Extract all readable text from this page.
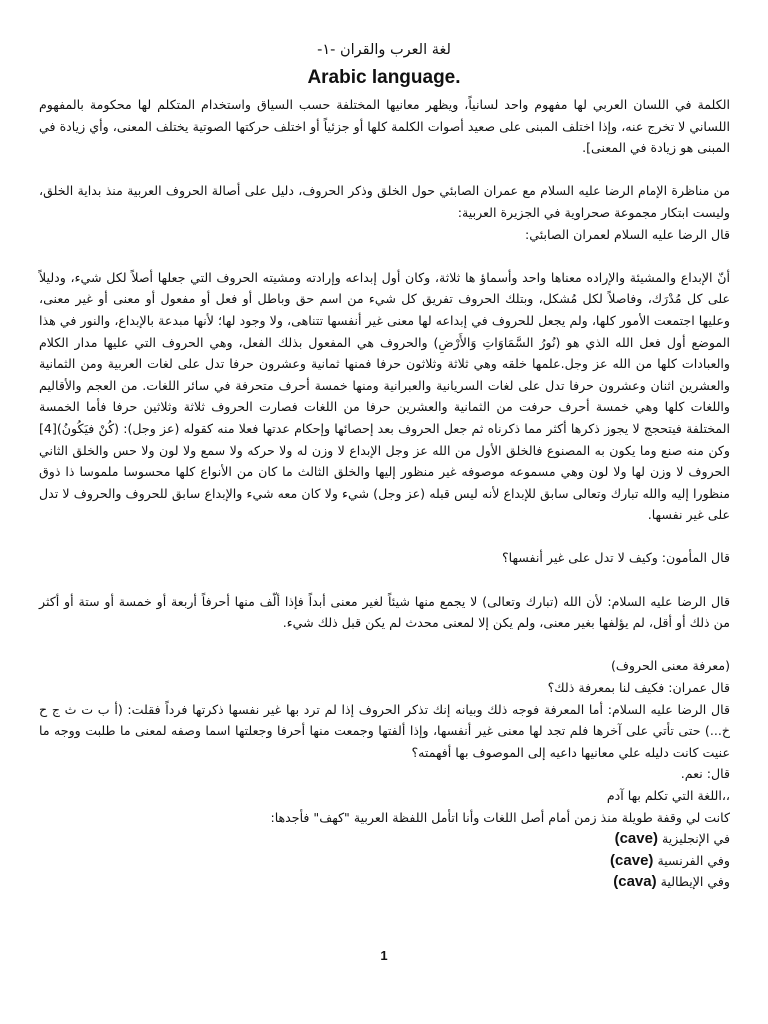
لغة العرب والقران -١-
Arabic language.

الكلمة في اللسان العربي لها مفهوم واحد لسانياً، ويظهر معانيها المختلفة حسب السياق واستخدام المتكلم لها محكومة بالمفهوم اللساني لا تخرج عنه، وإذا اختلف المبنى على صعيد أصوات الكلمة كلها أو جزئياً أو اختلف حركتها الصوتية يختلف المعنى، وأي زيادة في المبنى هو زيادة في المعنى].

من مناظرة الإمام الرضا عليه السلام مع عمران الصابئي حول الخلق وذكر الحروف، دليل على أصالة الحروف العربية منذ بداية الخلق، وليست ابتكار مجموعة صحراوية في الجزيرة العربية:

قال الرضا عليه السلام لعمران الصابئي:

أنّ الإبداع والمشيئة والإراده معناها واحد وأسماؤ ها ثلاثة، وكان أول إبداعه وإرادته ومشيته الحروف التي جعلها أصلاً لكل شيء، ودليلاً على كل مُدْرَك، وفاصلاً لكل مُشكل، وبتلك الحروف تفريق كل شيء من اسم حق وباطل أو فعل أو مفعول أو معنى أو غير معنى، وعليها اجتمعت الأمور كلها، ولم يجعل للحروف في إبداعه لها معنى غير أنفسها تتناهى، ولا وجود لها؛ لأنها مبدعة بالإبداع، والنور في هذا الموضع أول فعل الله الذي هو (نُورُ السَّمَاوَاتِ وَالأَرْضِ) والحروف هي المفعول بذلك الفعل، وهي الحروف التي عليها مدار الكلام والعبادات كلها من الله عز وجل.علمها خلقه وهي ثلاثة وثلاثون حرفا فمنها ثمانية وعشرون حرفا تدل على لغات العربية ومن الثمانية والعشرين اثنان وعشرون حرفا تدل على لغات السريانية والعبرانية ومنها خمسة أحرف متحرفة في سائر اللغات. من العجم والأقاليم واللغات كلها وهي خمسة أحرف حرفت من الثمانية والعشرين حرفا من اللغات فصارت الحروف ثلاثة وثلاثين حرفا فأما الخمسة المختلفة فيتحجج لا يجوز ذكرها أكثر مما ذكرناه ثم جعل الحروف بعد إحصائها وإحكام عدتها فعلا منه كقوله (عز وجل): (كُنْ فيَكُونُ)[4] وكن منه صنع وما يكون به المصنوع فالخلق الأول من الله عز وجل الإبداع لا وزن له ولا حركه ولا سمع ولا لون ولا حس والخلق الثاني الحروف لا وزن لها ولا لون وهي مسموعه موصوفه غير منظور إليها والخلق الثالث ما كان من الأنواع كلها محسوسا ملموسا ذا ذوق منظورا إليه والله تبارك وتعالى سابق للإبداع لأنه ليس قبله (عز وجل) شيء ولا كان معه شيء والإبداع سابق للحروف والحروف لا تدل على غير نفسها.

قال المأمون: وكيف لا تدل على غير أنفسها؟

قال الرضا عليه السلام: لأن الله (تبارك وتعالى) لا يجمع منها شيئاً لغير معنى أبداً فإذا ألّف منها أحرفاً أربعة أو خمسة أو ستة أو أكثر من ذلك أو أقل، لم يؤلفها بغير معنى، ولم يكن إلا لمعنى محدث لم يكن قبل ذلك شيء.

(معرفة معنى الحروف)

قال عمران: فكيف لنا بمعرفة ذلك؟

قال الرضا عليه السلام: أما المعرفة فوجه ذلك وبيانه إنك تذكر الحروف إذا لم ترد بها غير نفسها ذكرتها فرداً فقلت: (أ ب ت ث ج ح خ...) حتى تأتي على آخرها فلم تجد لها معنى غير أنفسها، وإذا ألفتها وجمعت منها أحرفا وجعلتها اسما وصفه لمعنى ما طلبت ووجه ما عنيت كانت دليله علي معانيها داعيه إلى الموصوف بها أفهمته؟

قال: نعم.

،،اللغة التي تكلم بها آدم

كانت لي وقفة طويلة منذ زمن أمام أصل اللغات وأنا اتأمل اللفظة العربية "كهف" فأجدها:

في الإنجليزية (cave)

وفي الفرنسية (cave)

وفي الإيطالية (cava)

1
